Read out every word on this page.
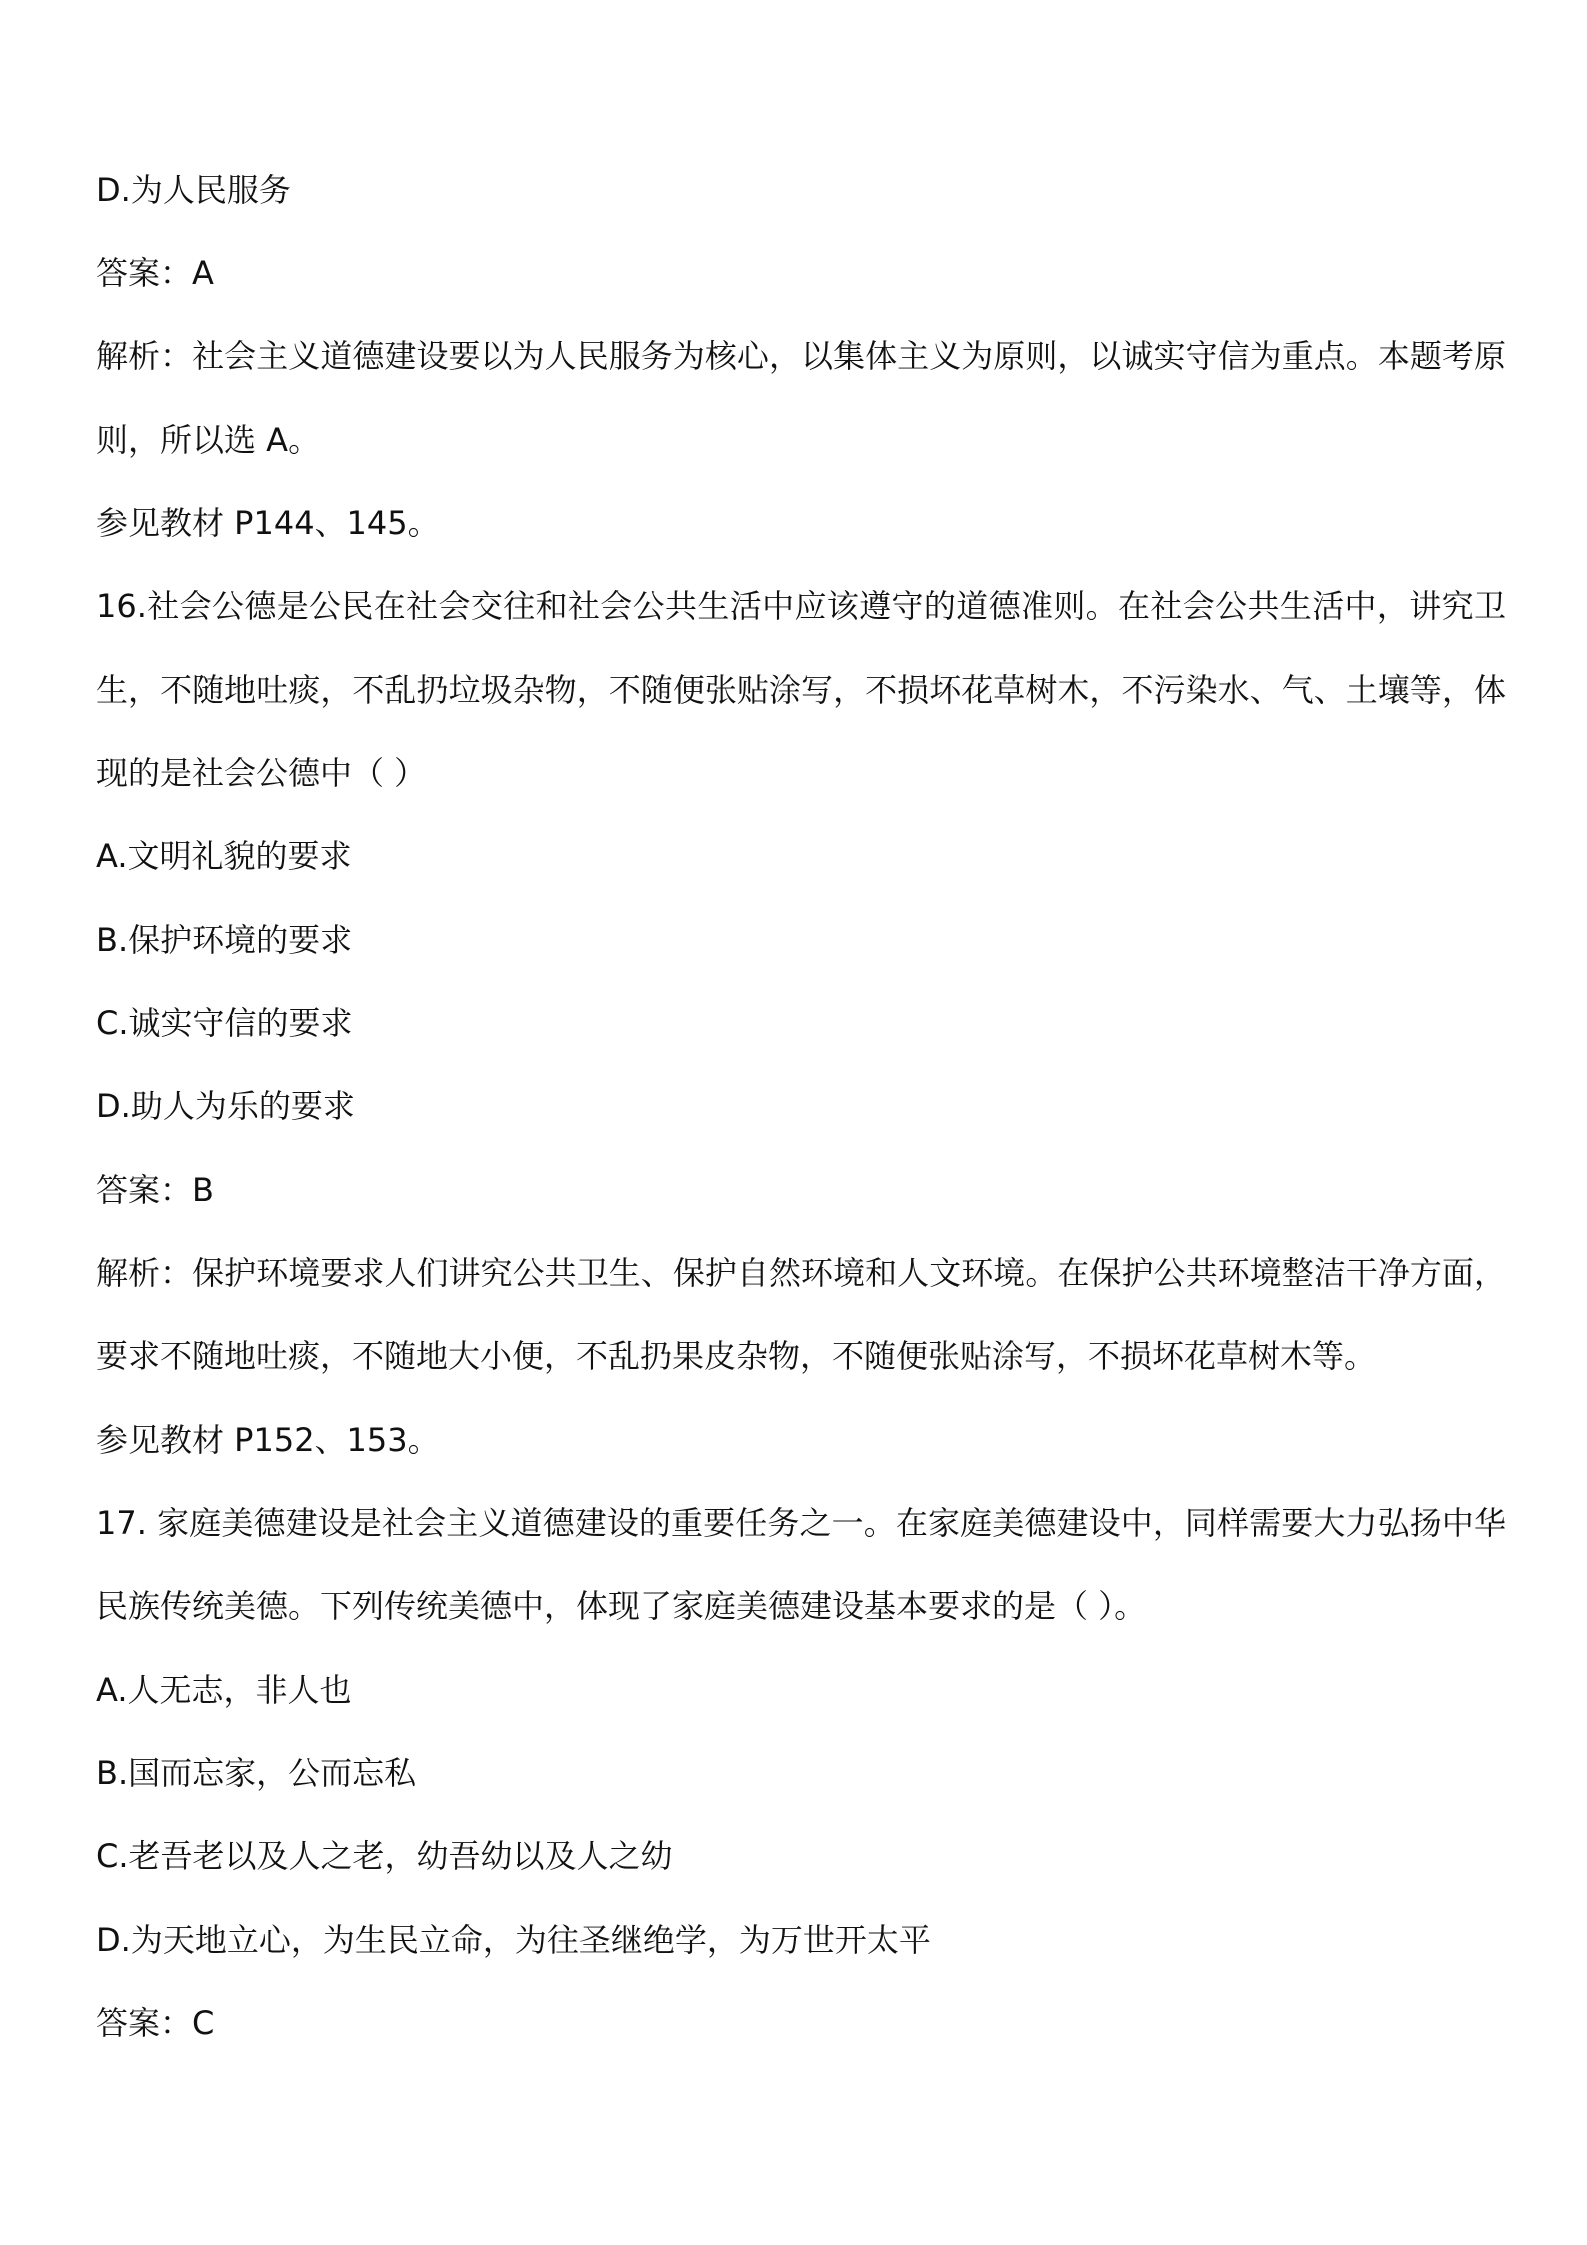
D.为人民服务
答案：A
解析：社会主义道德建设要以为人民服务为核心，以集体主义为原则，以诚实守信为重点。本题考原
则，所以选 A。
参见教材 P144、145。
16.社会公德是公民在社会交往和社会公共生活中应该遵守的道德准则。在社会公共生活中，讲究卫
生，不随地吐痰，不乱扔垃圾杂物，不随便张贴涂写，不损坏花草树木，不污染水、气、土壤等，体
现的是社会公德中（ ）
A.文明礼貌的要求
B.保护环境的要求
C.诚实守信的要求
D.助人为乐的要求
答案：B
解析：保护环境要求人们讲究公共卫生、保护自然环境和人文环境。在保护公共环境整洁干净方面，
要求不随地吐痰，不随地大小便，不乱扔果皮杂物，不随便张贴涂写，不损坏花草树木等。
参见教材 P152、153。
17. 家庭美德建设是社会主义道德建设的重要任务之一。在家庭美德建设中，同样需要大力弘扬中华
民族传统美德。下列传统美德中，体现了家庭美德建设基本要求的是（ ）。
A.人无志，非人也
B.国而忘家，公而忘私
C.老吾老以及人之老，幼吾幼以及人之幼
D.为天地立心，为生民立命，为往圣继绝学，为万世开太平
答案：C
